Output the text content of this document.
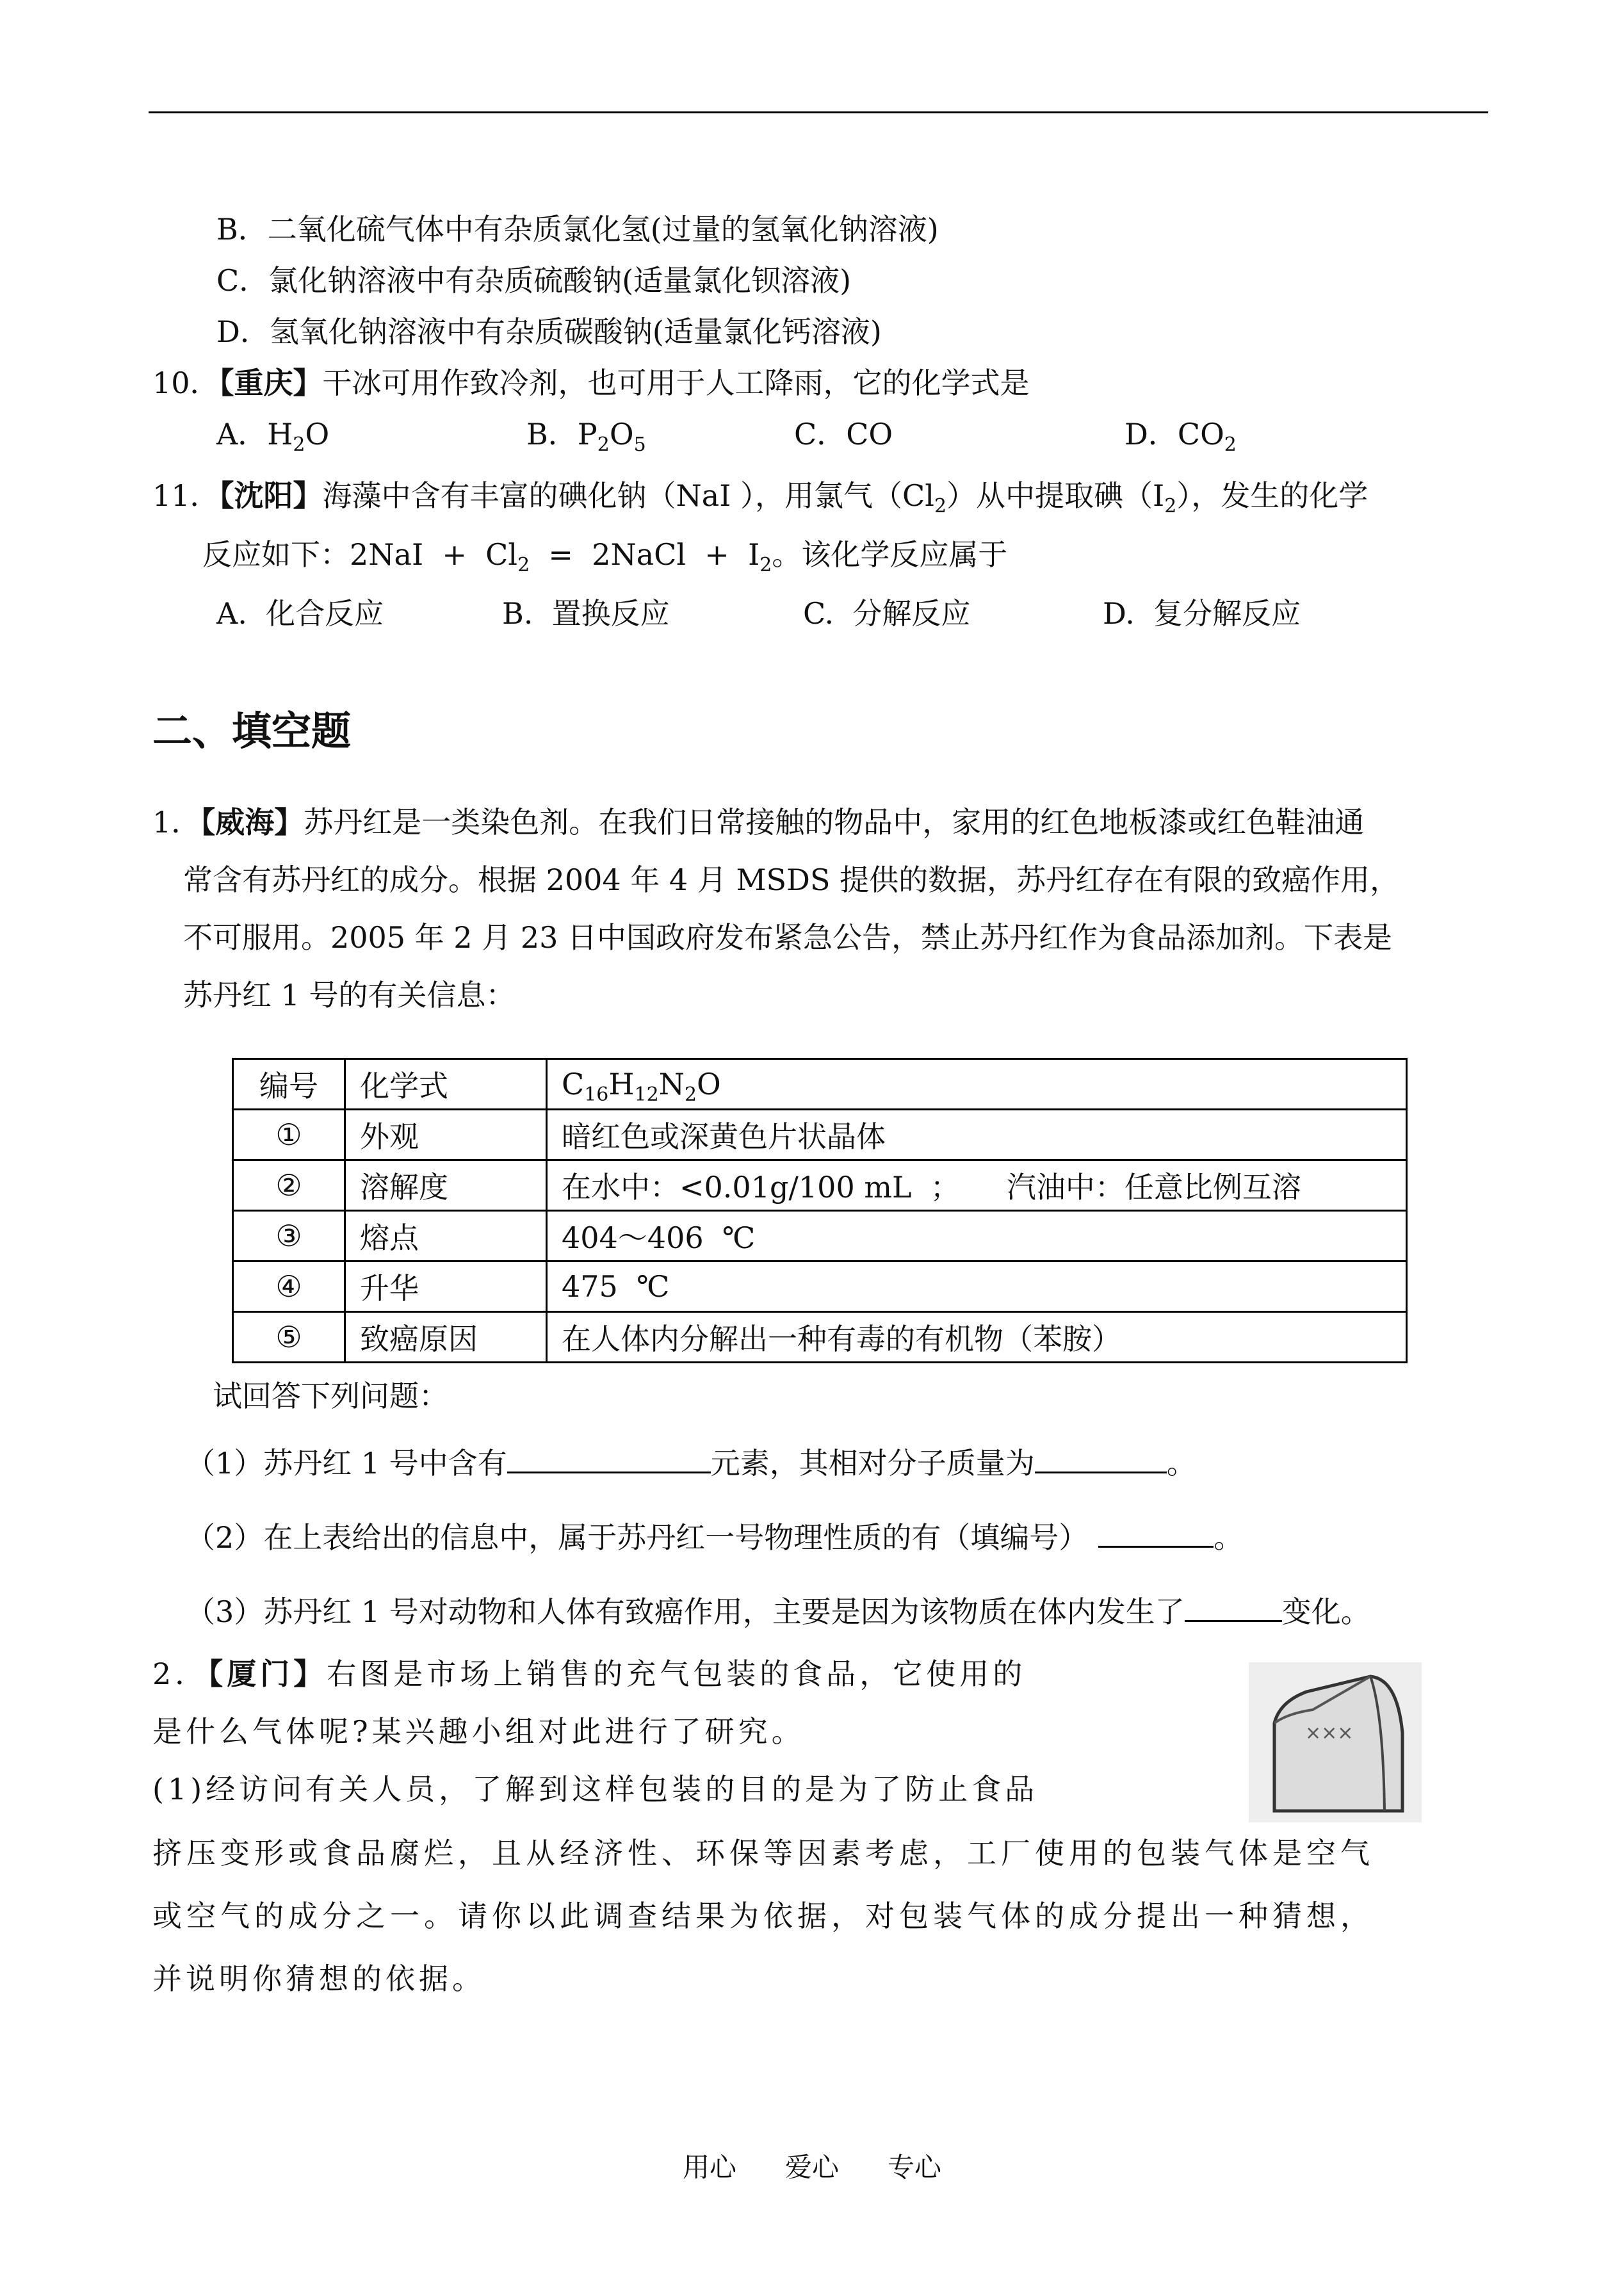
B．二氧化硫气体中有杂质氯化氢(过量的氢氧化钠溶液)
C．氯化钠溶液中有杂质硫酸钠(适量氯化钡溶液)
D．氢氧化钠溶液中有杂质碳酸钠(适量氯化钙溶液)
10．【重庆】干冰可用作致冷剂，也可用于人工降雨，它的化学式是
A．$H_2O$	B．$P_2O_5$	C．CO	D．$CO_2$
11．【沈阳】海藻中含有丰富的碘化钠（NaI ），用氯气$(Cl_2)$从中提取碘$(I_2)$，发生的化学
反应如下：$2NaI + Cl_2$  =  2NaCl  +  $I_2$。该化学反应属于
A.  化合反应	B.  置换反应	C.  分解反应	D.  复分解反应
二、填空题
1．【威海】苏丹红是一类染色剂。在我们日常接触的物品中，家用的红色地板漆或红色鞋油通
常含有苏丹红的成分。根据 2004 年 4 月 MSDS 提供的数据，苏丹红存在有限的致癌作用，
不可服用。2005 年 2 月 23 日中国政府发布紧急公告，禁止苏丹红作为食品添加剂。下表是
苏丹红 1 号的有关信息：
编号	化学式	$C_{16}H_{12}N_2O$
①	外观	暗红色或深黄色片状晶体
②	溶解度	在水中：<0.01g/100 mL  ；     汽油中：任意比例互溶
③	熔点	404～406  ℃
④	升华	475  ℃
⑤	致癌原因	在人体内分解出一种有毒的有机物（苯胺）
试回答下列问题：
（1）苏丹红 1 号中含有	元素，其相对分子质量为	。
（2）在上表给出的信息中，属于苏丹红一号物理性质的有（填编号）	。
（3）苏丹红 1 号对动物和人体有致癌作用，主要是因为该物质在体内发生了	变化。
2．【厦门】右图是市场上销售的充气包装的食品，它使用的
是什么气体呢?某兴趣小组对此进行了研究。
(1)经访问有关人员，了解到这样包装的目的是为了防止食品
挤压变形或食品腐烂，且从经济性、环保等因素考虑，工厂使用的包装气体是空气
或空气的成分之一。请你以此调查结果为依据，对包装气体的成分提出一种猜想，
并说明你猜想的依据。
×××
用心 爱心 专心
